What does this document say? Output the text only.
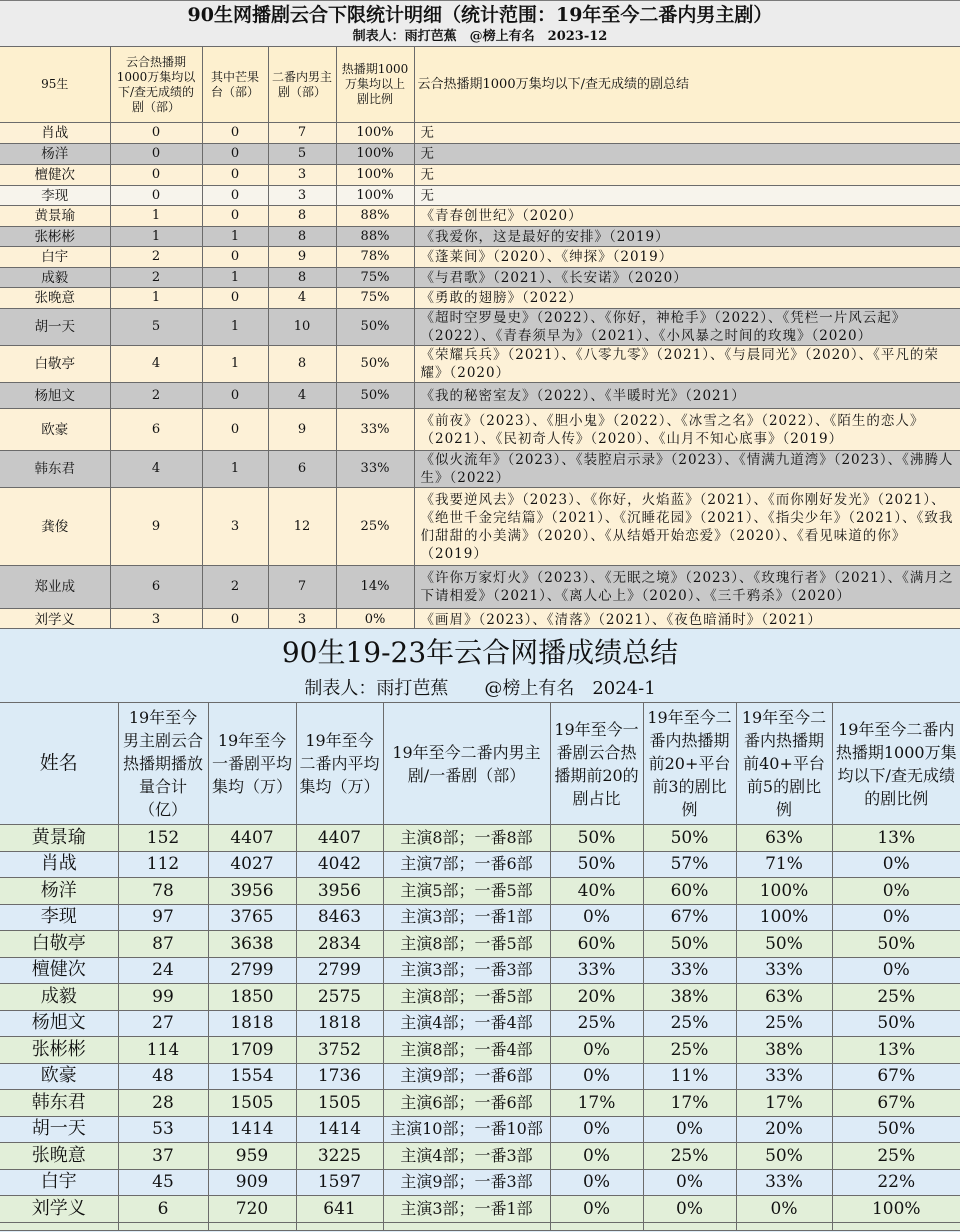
90生网播剧云合下限统计明细（统计范围：19年至今二番内男主剧）
制表人：雨打芭蕉　@榜上有名　2023-12
95生	云合热播期1000万集均以下/查无成绩的剧（部）	其中芒果台（部）	二番内男主剧（部）	热播期1000万集均以上剧比例	云合热播期1000万集均以下/查无成绩的剧总结
肖战	0	0	7	100%	无
杨洋	0	0	5	100%	无
檀健次	0	0	3	100%	无
李现	0	0	3	100%	无
黄景瑜	1	0	8	88%	《青春创世纪》（2020）
张彬彬	1	1	8	88%	《我爱你，这是最好的安排》（2019）
白宇	2	0	9	78%	《蓬莱间》（2020）、《绅探》（2019）
成毅	2	1	8	75%	《与君歌》（2021）、《长安诺》（2020）
张晚意	1	0	4	75%	《勇敢的翅膀》（2022）
胡一天	5	1	10	50%	《超时空罗曼史》（2022）、《你好，神枪手》（2022）、《凭栏一片风云起》（2022）、《青春须早为》（2021）、《小风暴之时间的玫瑰》（2020）
白敬亭	4	1	8	50%	《荣耀兵兵》（2021）、《八零九零》（2021）、《与晨同光》（2020）、《平凡的荣耀》（2020）
杨旭文	2	0	4	50%	《我的秘密室友》（2022）、《半暖时光》（2021）
欧豪	6	0	9	33%	《前夜》（2023）、《胆小鬼》（2022）、《冰雪之名》（2022）、《陌生的恋人》（2021）、《民初奇人传》（2020）、《山月不知心底事》（2019）
韩东君	4	1	6	33%	《似火流年》（2023）、《装腔启示录》（2023）、《情满九道湾》（2023）、《沸腾人生》（2022）
龚俊	9	3	12	25%	《我要逆风去》（2023）、《你好，火焰蓝》（2021）、《而你刚好发光》（2021）、《绝世千金完结篇》（2021）、《沉睡花园》（2021）、《指尖少年》（2021）、《致我们甜甜的小美满》（2020）、《从结婚开始恋爱》（2020）、《看见味道的你》（2019）
郑业成	6	2	7	14%	《许你万家灯火》（2023）、《无眠之境》（2023）、《玫瑰行者》（2021）、《满月之下请相爱》（2021）、《离人心上》（2020）、《三千鸦杀》（2020）
刘学义	3	0	3	0%	《画眉》（2023）、《清落》（2021）、《夜色暗涌时》（2021）
90生19-23年云合网播成绩总结
制表人：雨打芭蕉　　@榜上有名　2024-1
姓名	19年至今男主剧云合热播期播放量合计（亿）	19年至今一番剧平均集均（万）	19年至今二番内平均集均（万）	19年至今二番内男主剧/一番剧（部）	19年至今一番剧云合热播期前20的剧占比	19年至今二番内热播期前20+平台前3的剧比例	19年至今二番内热播期前40+平台前5的剧比例	19年至今二番内热播期1000万集均以下/查无成绩的剧比例
黄景瑜	152	4407	4407	主演8部；一番8部	50%	50%	63%	13%
肖战	112	4027	4042	主演7部；一番6部	50%	57%	71%	0%
杨洋	78	3956	3956	主演5部；一番5部	40%	60%	100%	0%
李现	97	3765	8463	主演3部；一番1部	0%	67%	100%	0%
白敬亭	87	3638	2834	主演8部；一番5部	60%	50%	50%	50%
檀健次	24	2799	2799	主演3部；一番3部	33%	33%	33%	0%
成毅	99	1850	2575	主演8部；一番5部	20%	38%	63%	25%
杨旭文	27	1818	1818	主演4部；一番4部	25%	25%	25%	50%
张彬彬	114	1709	3752	主演8部；一番4部	0%	25%	38%	13%
欧豪	48	1554	1736	主演9部；一番6部	0%	11%	33%	67%
韩东君	28	1505	1505	主演6部；一番6部	17%	17%	17%	67%
胡一天	53	1414	1414	主演10部；一番10部	0%	0%	20%	50%
张晚意	37	959	3225	主演4部；一番3部	0%	25%	50%	25%
白宇	45	909	1597	主演9部；一番3部	0%	0%	33%	22%
刘学义	6	720	641	主演3部；一番1部	0%	0%	0%	100%
